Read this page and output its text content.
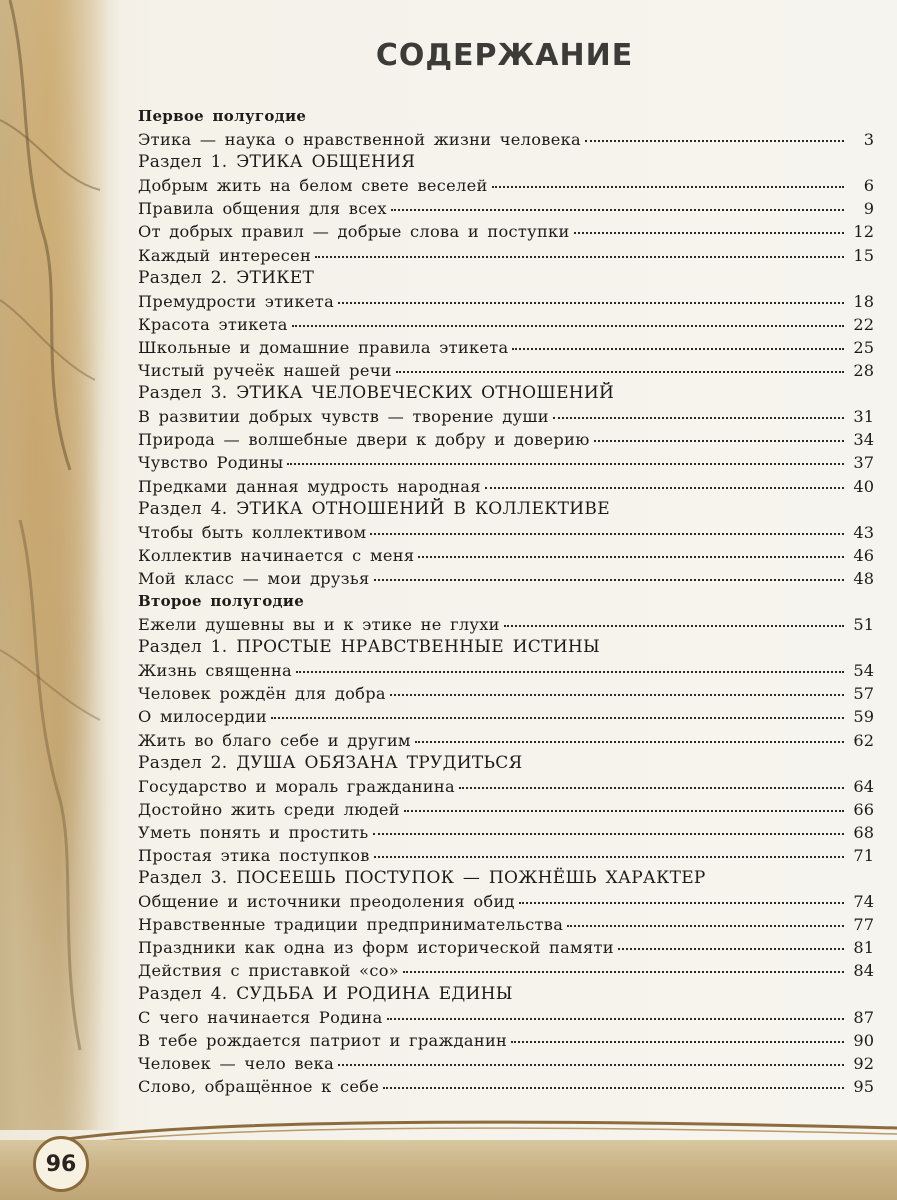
96
СОДЕРЖАНИЕ
Первое полугодие
Этика — наука о нравственной жизни человека	3
Раздел 1. ЭТИКА ОБЩЕНИЯ
Добрым жить на белом свете веселей	6
Правила общения для всех	9
От добрых правил — добрые слова и поступки	12
Каждый интересен	15
Раздел 2. ЭТИКЕТ
Премудрости этикета	18
Красота этикета	22
Школьные и домашние правила этикета	25
Чистый ручеёк нашей речи	28
Раздел 3. ЭТИКА ЧЕЛОВЕЧЕСКИХ ОТНОШЕНИЙ
В развитии добрых чувств — творение души	31
Природа — волшебные двери к добру и доверию	34
Чувство Родины	37
Предками данная мудрость народная	40
Раздел 4. ЭТИКА ОТНОШЕНИЙ В КОЛЛЕКТИВЕ
Чтобы быть коллективом	43
Коллектив начинается с меня	46
Мой класс — мои друзья	48
Второе полугодие
Ежели душевны вы и к этике не глухи	51
Раздел 1. ПРОСТЫЕ НРАВСТВЕННЫЕ ИСТИНЫ
Жизнь священна	54
Человек рождён для добра	57
О милосердии	59
Жить во благо себе и другим	62
Раздел 2. ДУША ОБЯЗАНА ТРУДИТЬСЯ
Государство и мораль гражданина	64
Достойно жить среди людей	66
Уметь понять и простить	68
Простая этика поступков	71
Раздел 3. ПОСЕЕШЬ ПОСТУПОК — ПОЖНЁШЬ ХАРАКТЕР
Общение и источники преодоления обид	74
Нравственные традиции предпринимательства	77
Праздники как одна из форм исторической памяти	81
Действия с приставкой «со»	84
Раздел 4. СУДЬБА И РОДИНА ЕДИНЫ
С чего начинается Родина	87
В тебе рождается патриот и гражданин	90
Человек — чело века	92
Слово, обращённое к себе	95
